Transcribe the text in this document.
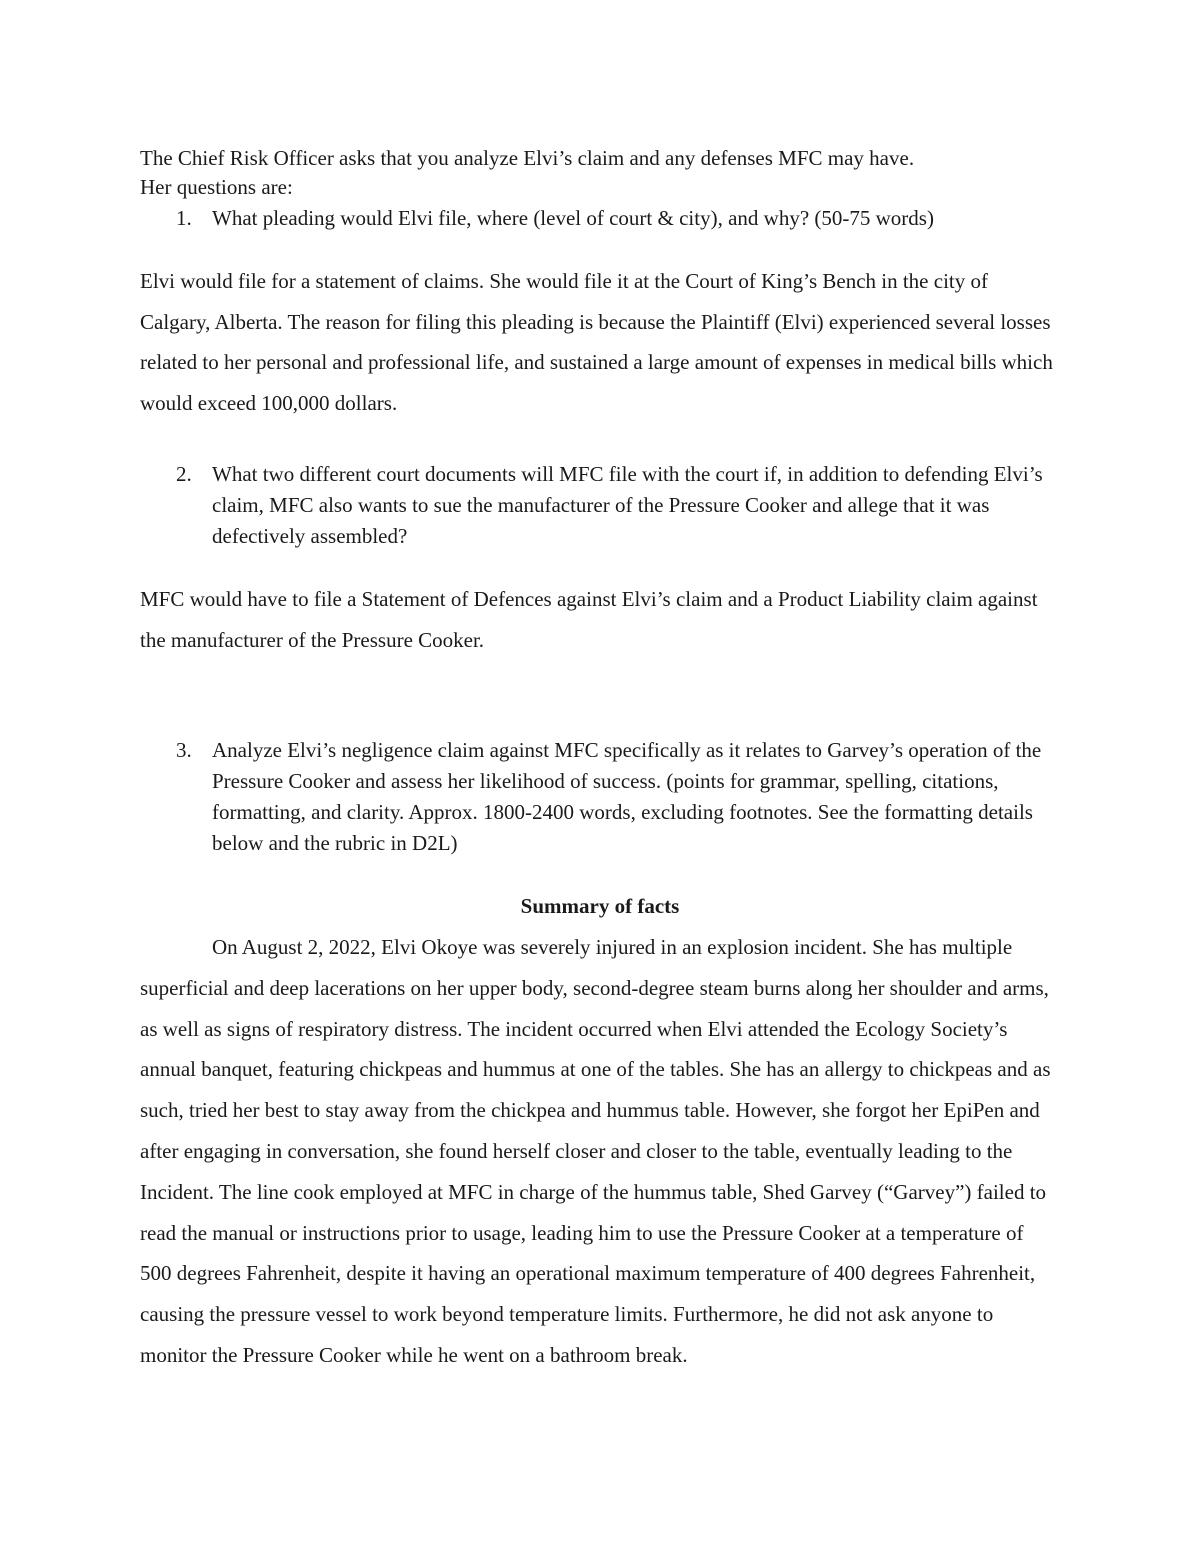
The Chief Risk Officer asks that you analyze Elvi’s claim and any defenses MFC may have.
Her questions are:
1. What pleading would Elvi file, where (level of court & city), and why? (50-75 words)
Elvi would file for a statement of claims. She would file it at the Court of King’s Bench in the city of Calgary, Alberta. The reason for filing this pleading is because the Plaintiff (Elvi) experienced several losses related to her personal and professional life, and sustained a large amount of expenses in medical bills which would exceed 100,000 dollars.
2. What two different court documents will MFC file with the court if, in addition to defending Elvi’s claim, MFC also wants to sue the manufacturer of the Pressure Cooker and allege that it was defectively assembled?
MFC would have to file a Statement of Defences against Elvi’s claim and a Product Liability claim against the manufacturer of the Pressure Cooker.
3. Analyze Elvi’s negligence claim against MFC specifically as it relates to Garvey’s operation of the Pressure Cooker and assess her likelihood of success. (points for grammar, spelling, citations, formatting, and clarity. Approx. 1800-2400 words, excluding footnotes. See the formatting details below and the rubric in D2L)
Summary of facts
On August 2, 2022, Elvi Okoye was severely injured in an explosion incident. She has multiple superficial and deep lacerations on her upper body, second-degree steam burns along her shoulder and arms, as well as signs of respiratory distress. The incident occurred when Elvi attended the Ecology Society’s annual banquet, featuring chickpeas and hummus at one of the tables. She has an allergy to chickpeas and as such, tried her best to stay away from the chickpea and hummus table. However, she forgot her EpiPen and after engaging in conversation, she found herself closer and closer to the table, eventually leading to the Incident. The line cook employed at MFC in charge of the hummus table, Shed Garvey (“Garvey”) failed to read the manual or instructions prior to usage, leading him to use the Pressure Cooker at a temperature of 500 degrees Fahrenheit, despite it having an operational maximum temperature of 400 degrees Fahrenheit, causing the pressure vessel to work beyond temperature limits. Furthermore, he did not ask anyone to monitor the Pressure Cooker while he went on a bathroom break.
